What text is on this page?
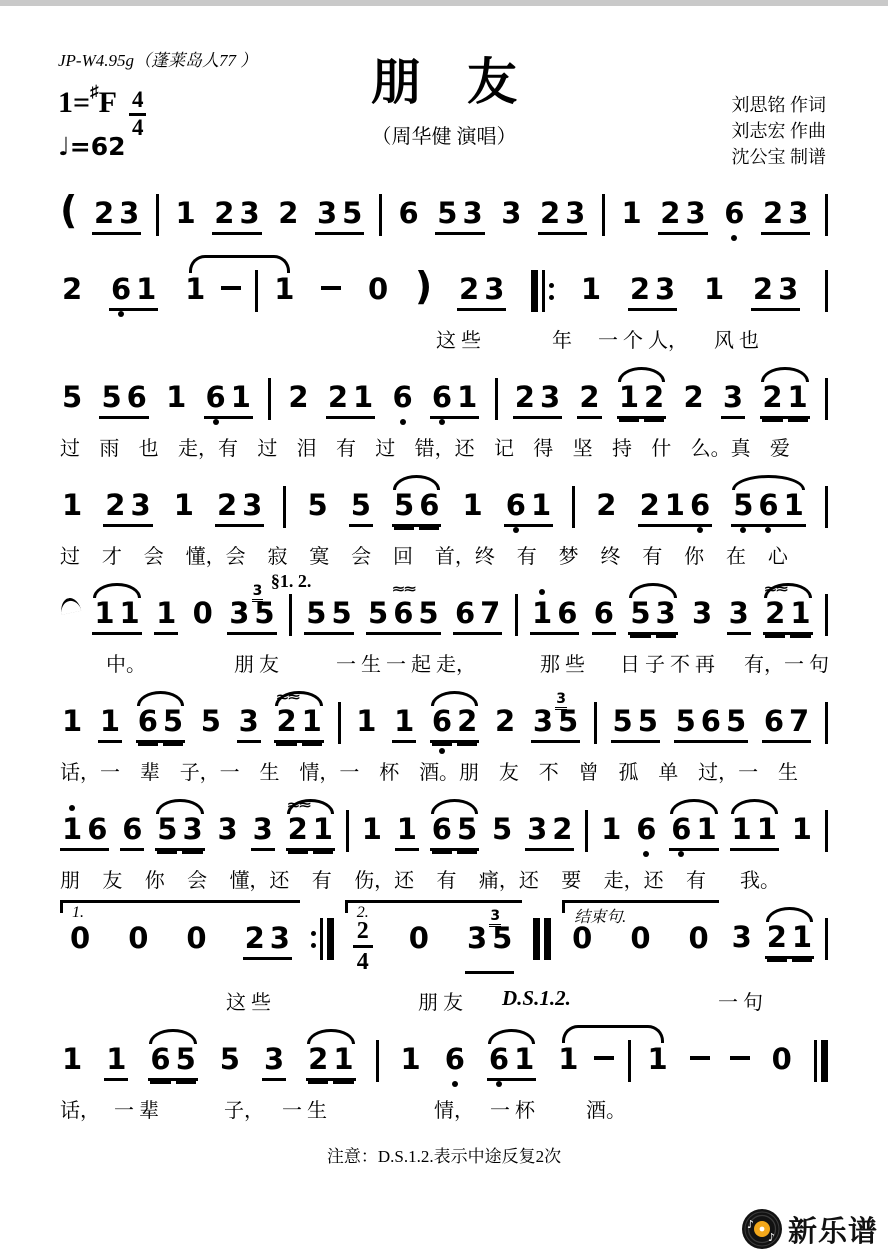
JP-W4.95g（蓬莱岛人77 ）	朋友
（周华健 演唱）
1= ♯ F $\frac{4}{4}$
♩=62
刘思铭 作词
刘志宏 作曲
沈公宝 制谱
( 2 3 1 2 3 2 3 5 6 5 3 3 2 3 1 2 3 6 2 3
2 6 1 1 1	0 ) 2 3	1 2 3 1 2 3
这 些	年 一 个 人， 风 也
5 5 6 1 6 1 2 2 1 6 6 1 2 3 2 1 2 2 3 2 1
过 雨 也 走，有 过 泪 有 过 错，还 记 得 坚 持 什 么。真 爱
1 2 3 1 2 3 5 5 5 6 1 6 1 2 2 1 6 5 6 1
过 才 会 懂，会 寂 寞 会 回 首，终 有 梦 终 有 你 在 心
1 1 1 0 3
3
5
§1. 2.
5 5 5 6
≈≈
5 6 7 1 6 6 5 3 3 3 2
≈≈
1
中。	朋 友	一 生 一 起 走，	那 些 日 子 不 再 有，一 句
1 1 6 5 5 3 2
≈≈
1 1 1 6 2 2 3
3
5 5 5 5 6 5 6 7
话，一 辈 子，一 生 情，一 杯 酒。朋 友 不 曾 孤 单 过，一 生
1 6 6 5 3 3 3 2
≈≈
1 1 1 6 5 5 3 2 1 6 6 1 1 1 1
朋 友 你 会 懂，还 有 伤，还 有 痛，还 要 走，还 有 我。
1.
0 0 0 2 3
2.
$\frac{2}{4} 0$ 3
3
5
结束句.
0 0 0 3 2 1
这 些	朋 友 D.S.1.2.	一 句
1 1 6 5 5 3 2 1 1 6 6 1 1 1	0
话， 一 辈	子， 一 生	情， 一 杯	酒。
注意：D.S.1.2.表示中途反复2次
♪
♪ 新乐谱
